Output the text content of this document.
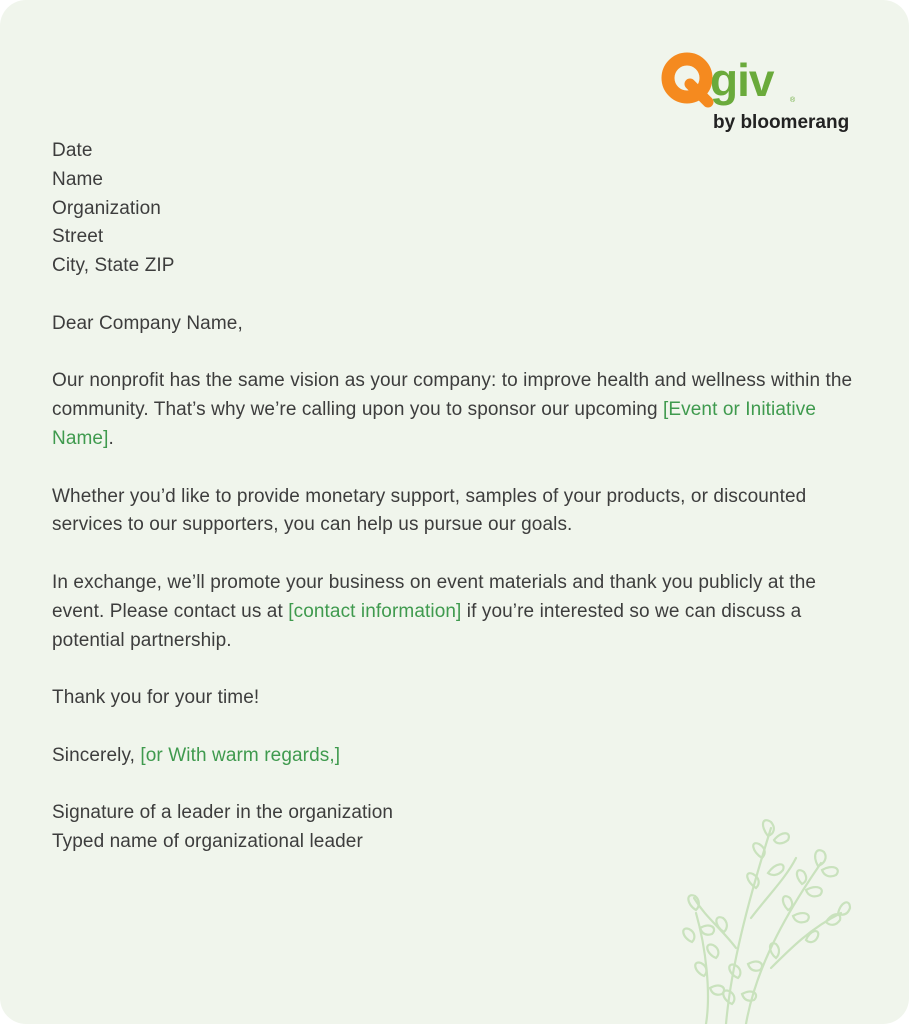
giv ®
by bloomerang

Date

Name

Organization

Street

City, State ZIP

Dear Company Name,

Our nonprofit has the same vision as your company: to improve health and wellness within the community. That’s why we’re calling upon you to sponsor our upcoming [Event or Initiative Name].

Whether you’d like to provide monetary support, samples of your products, or discounted services to our supporters, you can help us pursue our goals.

In exchange, we’ll promote your business on event materials and thank you publicly at the event. Please contact us at [contact information] if you’re interested so we can discuss a potential partnership.

Thank you for your time!

Sincerely, [or With warm regards,]

Signature of a leader in the organization

Typed name of organizational leader
